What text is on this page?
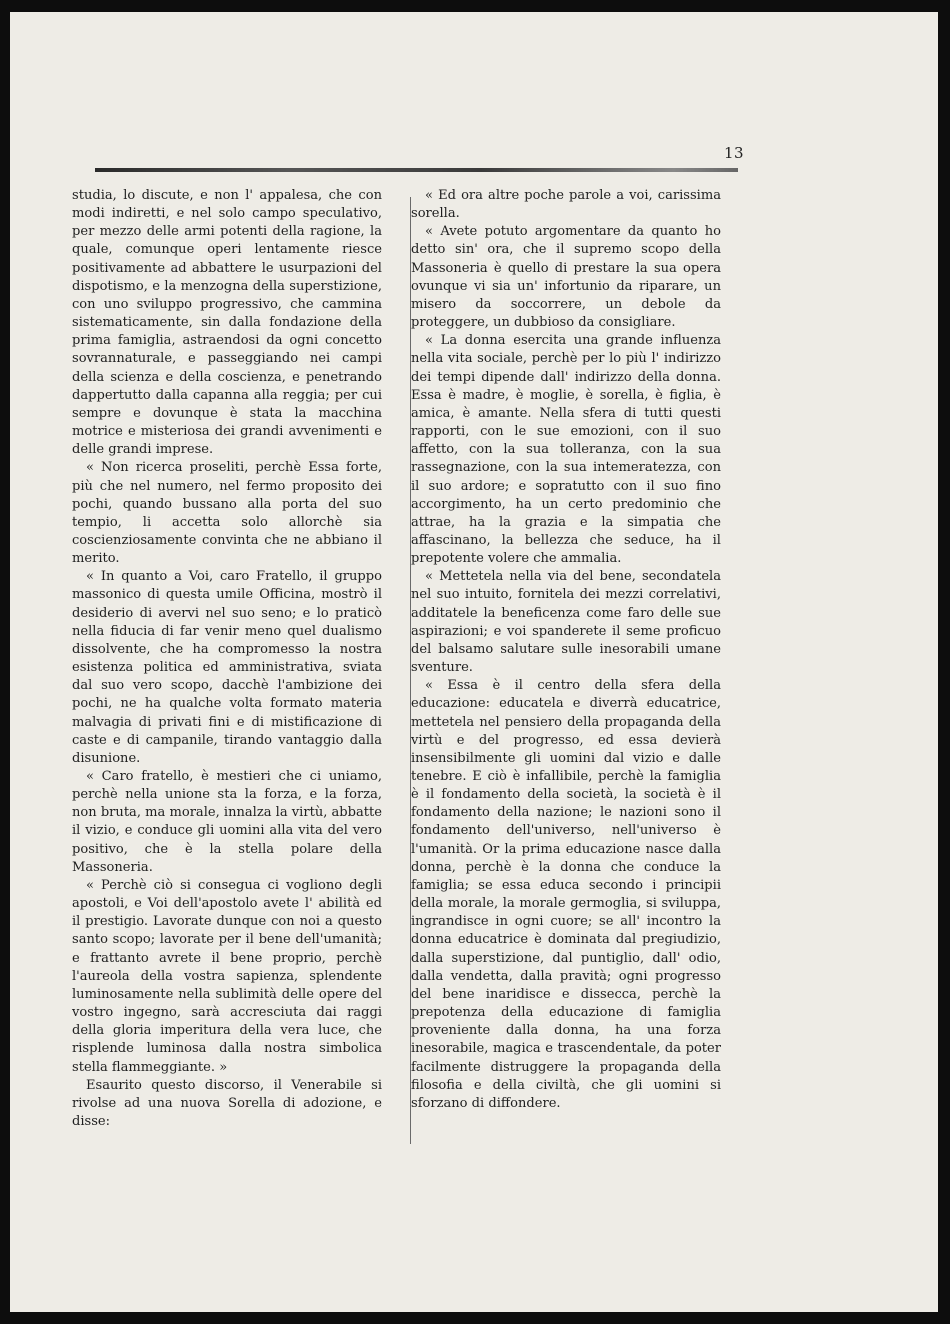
13

studia, lo discute, e non l' appalesa, che con modi indiretti, e nel solo campo speculativo, per mezzo delle armi potenti della ragione, la quale, comunque operi lentamente riesce positivamente ad abbattere le usurpazioni del dispotismo, e la menzogna della superstizione, con uno sviluppo progressivo, che cammina sistematicamente, sin dalla fondazione della prima famiglia, astraendosi da ogni concetto sovrannaturale, e passeggiando nei campi della scienza e della coscienza, e penetrando dappertutto dalla capanna alla reggia; per cui sempre e dovunque è stata la macchina motrice e misteriosa dei grandi avvenimenti e delle grandi imprese.

« Non ricerca proseliti, perchè Essa forte, più che nel numero, nel fermo proposito dei pochi, quando bussano alla porta del suo tempio, li accetta solo allorchè sia coscienziosamente convinta che ne abbiano il merito.

« In quanto a Voi, caro Fratello, il gruppo massonico di questa umile Officina, mostrò il desiderio di avervi nel suo seno; e lo praticò nella fiducia di far venir meno quel dualismo dissolvente, che ha compromesso la nostra esistenza politica ed amministrativa, sviata dal suo vero scopo, dacchè l'ambizione dei pochi, ne ha qualche volta formato materia malvagia di privati fini e di mistificazione di caste e di campanile, tirando vantaggio dalla disunione.

« Caro fratello, è mestieri che ci uniamo, perchè nella unione sta la forza, e la forza, non bruta, ma morale, innalza la virtù, abbatte il vizio, e conduce gli uomini alla vita del vero positivo, che è la stella polare della Massoneria.

« Perchè ciò si consegua ci vogliono degli apostoli, e Voi dell'apostolo avete l' abilità ed il prestigio. Lavorate dunque con noi a questo santo scopo; lavorate per il bene dell'umanità; e frattanto avrete il bene proprio, perchè l'aureola della vostra sapienza, splendente luminosamente nella sublimità delle opere del vostro ingegno, sarà accresciuta dai raggi della gloria imperitura della vera luce, che risplende luminosa dalla nostra simbolica stella flammeggiante. »

Esaurito questo discorso, il Venerabile si rivolse ad una nuova Sorella di adozione, e disse:

« Ed ora altre poche parole a voi, carissima sorella.

« Avete potuto argomentare da quanto ho detto sin' ora, che il supremo scopo della Massoneria è quello di prestare la sua opera ovunque vi sia un' infortunio da riparare, un misero da soccorrere, un debole da proteggere, un dubbioso da consigliare.

« La donna esercita una grande influenza nella vita sociale, perchè per lo più l' indirizzo dei tempi dipende dall' indirizzo della donna. Essa è madre, è moglie, è sorella, è figlia, è amica, è amante. Nella sfera di tutti questi rapporti, con le sue emozioni, con il suo affetto, con la sua tolleranza, con la sua rassegnazione, con la sua intemeratezza, con il suo ardore; e sopratutto con il suo fino accorgimento, ha un certo predominio che attrae, ha la grazia e la simpatia che affascinano, la bellezza che seduce, ha il prepotente volere che ammalia.

« Mettetela nella via del bene, secondatela nel suo intuito, fornitela dei mezzi correlativi, additatele la beneficenza come faro delle sue aspirazioni; e voi spanderete il seme proficuo del balsamo salutare sulle inesorabili umane sventure.

« Essa è il centro della sfera della educazione: educatela e diverrà educatrice, mettetela nel pensiero della propaganda della virtù e del progresso, ed essa devierà insensibilmente gli uomini dal vizio e dalle tenebre. E ciò è infallibile, perchè la famiglia è il fondamento della società, la società è il fondamento della nazione; le nazioni sono il fondamento dell'universo, nell'universo è l'umanità. Or la prima educazione nasce dalla donna, perchè è la donna che conduce la famiglia; se essa educa secondo i principii della morale, la morale germoglia, si sviluppa, ingrandisce in ogni cuore; se all' incontro la donna educatrice è dominata dal pregiudizio, dalla superstizione, dal puntiglio, dall' odio, dalla vendetta, dalla pravità; ogni progresso del bene inaridisce e dissecca, perchè la prepotenza della educazione di famiglia proveniente dalla donna, ha una forza inesorabile, magica e trascendentale, da poter facilmente distruggere la propaganda della filosofia e della civiltà, che gli uomini si sforzano di diffondere.
